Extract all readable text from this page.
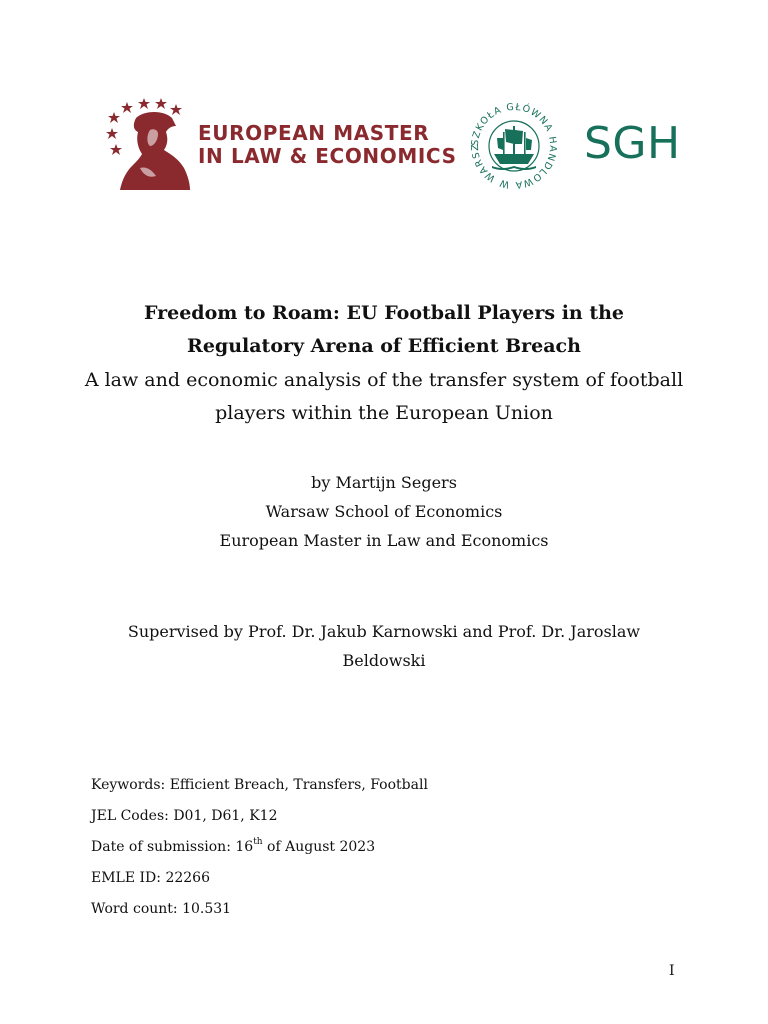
EUROPEAN MASTER
IN LAW & ECONOMICS
SZKOŁA GŁÓWNA HANDLOWA W WARSZ	SGH
Freedom to Roam: EU Football Players in the
Regulatory Arena of Efficient Breach
A law and economic analysis of the transfer system of football
players within the European Union
by Martijn Segers
Warsaw School of Economics
European Master in Law and Economics
Supervised by Prof. Dr. Jakub Karnowski and Prof. Dr. Jaroslaw
Beldowski
Keywords: Efficient Breach, Transfers, Football
JEL Codes: D01, D61, K12
Date of submission: 16th of August 2023
EMLE ID: 22266
Word count: 10.531
I
